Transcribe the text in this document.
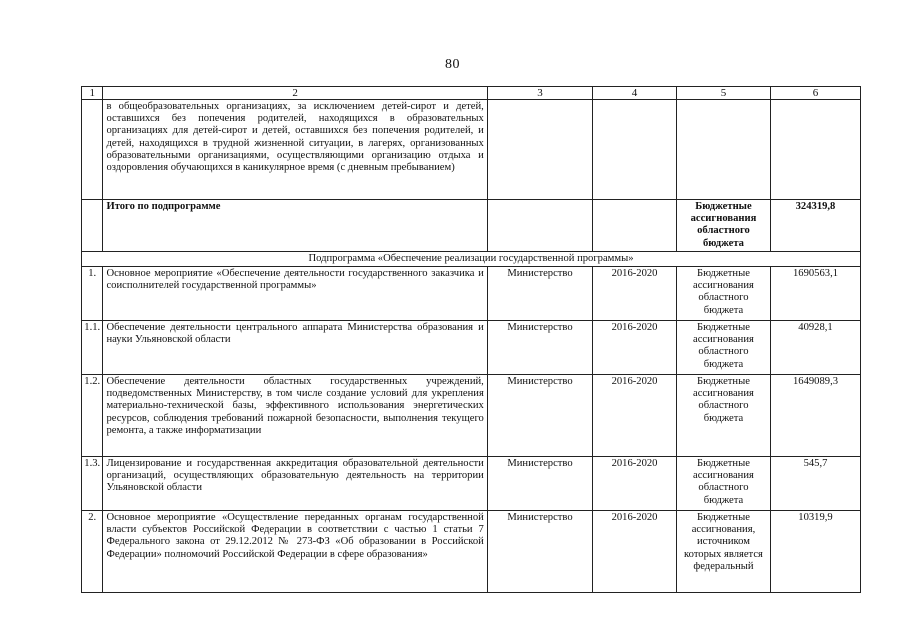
80
1	2	3	4	5	6
	в общеобразовательных организациях, за исключением детей-сирот и детей, оставшихся без попечения родителей, находящихся в образовательных организациях для детей-сирот и детей, оставшихся без попечения родителей, и детей, находящихся в трудной жизненной ситуации, в лагерях, организованных образовательными организациями, осуществляющими организацию отдыха и оздоровления обучающихся в каникулярное время (с дневным пребыванием)				
	Итого по подпрограмме			Бюджетные ассигнования областного бюджета	324319,8
Подпрограмма «Обеспечение реализации государственной программы»					
1.	Основное мероприятие «Обеспечение деятельности государственного заказчика и соисполнителей государственной программы»	Министерство	2016-2020	Бюджетные ассигнования областного бюджета	1690563,1
1.1.	Обеспечение деятельности центрального аппарата Министерства образования и науки Ульяновской области	Министерство	2016-2020	Бюджетные ассигнования областного бюджета	40928,1
1.2.	Обеспечение деятельности областных государственных учреждений, подведомственных Министерству, в том числе создание условий для укрепления материально-технической базы, эффективного использования энергетических ресурсов, соблюдения требований пожарной безопасности, выполнения текущего ремонта, а также информатизации	Министерство	2016-2020	Бюджетные ассигнования областного бюджета	1649089,3
1.3.	Лицензирование и государственная аккредитация образовательной деятельности организаций, осуществляющих образовательную деятельность на территории Ульяновской области	Министерство	2016-2020	Бюджетные ассигнования областного бюджета	545,7
2.	Основное мероприятие «Осуществление переданных органам государственной власти субъектов Российской Федерации в соответствии с частью 1 статьи 7 Федерального закона от 29.12.2012 № 273-ФЗ «Об образовании в Российской Федерации» полномочий Российской Федерации в сфере образования»	Министерство	2016-2020	Бюджетные ассигнования, источником которых является федеральный	10319,9
